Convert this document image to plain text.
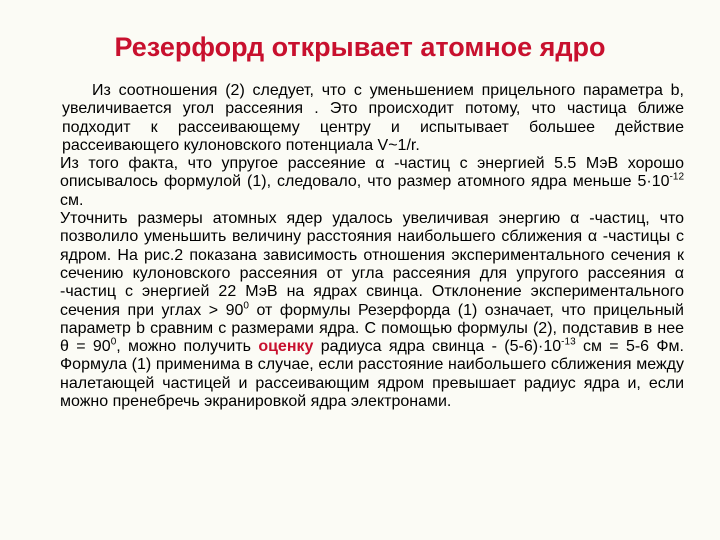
Резерфорд открывает атомное ядро

Из соотношения (2) следует, что с уменьшением прицельного параметра b, увеличивается угол рассеяния . Это происходит потому, что частица ближе подходит к рассеивающему центру и испытывает большее действие рассеивающего кулоновского потенциала V~1/r.

Из того факта, что упругое рассеяние α -частиц с энергией 5.5 МэВ хорошо описывалось формулой (1), следовало, что размер атомного ядра меньше $5\cdot 10^{-12}$ см.

Уточнить размеры атомных ядер удалось увеличивая энергию α -частиц, что позволило уменьшить величину расстояния наибольшего сближения α -частицы с ядром. На рис.2 показана зависимость отношения экспериментального сечения к сечению кулоновского рассеяния от угла рассеяния для упругого рассеяния α -частиц с энергией 22 МэВ на ядрах свинца. Отклонение экспериментального сечения при углах > $90^0$ от формулы Резерфорда (1) означает, что прицельный параметр b сравним с размерами ядра. С помощью формулы (2), подставив в нее $\theta = 90^0$, можно получить оценку радиуса ядра свинца - $(5-6)\cdot 10^{-13}$ см = 5-6 Фм. Формула (1) применима в случае, если расстояние наибольшего сближения между налетающей частицей и рассеивающим ядром превышает радиус ядра и, если можно пренебречь экранировкой ядра электронами.
